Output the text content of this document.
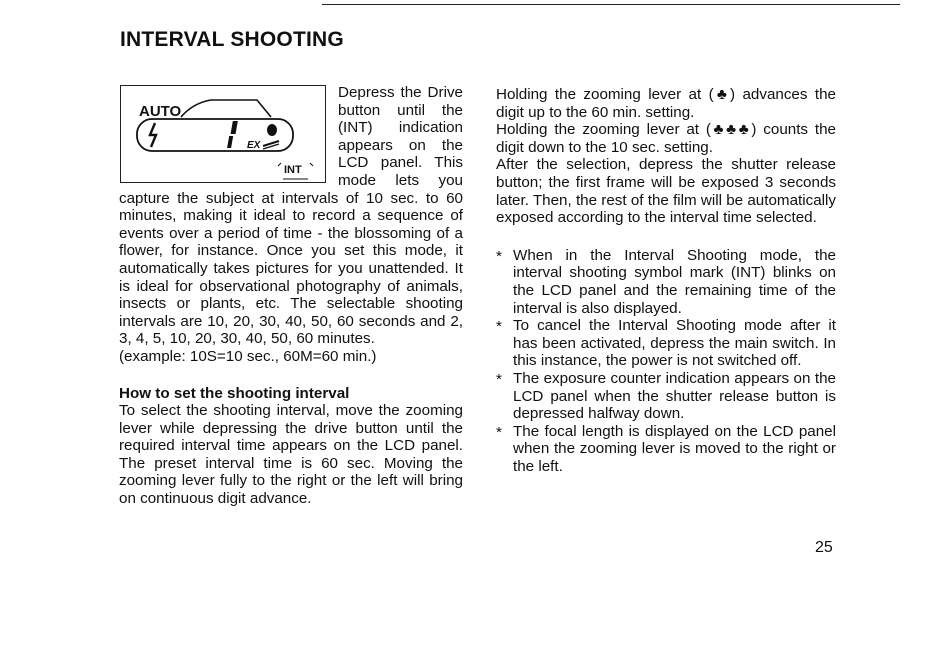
INTERVAL SHOOTING

AUTO
EX
INT
Depress the Drive button until the (INT) indication appears on the LCD panel. This mode lets you capture the subject at intervals of 10 sec. to 60 minutes, making it ideal to record a sequence of events over a period of time - the blossoming of a flower, for instance. Once you set this mode, it automatically takes pictures for you unattended. It is ideal for observational photography of animals, insects or plants, etc. The selectable shooting intervals are 10, 20, 30, 40, 50, 60 seconds and 2, 3, 4, 5, 10, 20, 30, 40, 50, 60 minutes.

(example: 10S=10 sec., 60M=60 min.)

How to set the shooting interval

To select the shooting interval, move the zooming lever while depressing the drive button until the required interval time appears on the LCD panel. The preset interval time is 60 sec. Moving the zooming lever fully to the right or the left will bring on continuous digit advance.

Holding the zooming lever at (♣) advances the digit up to the 60 min. setting.

Holding the zooming lever at (♣♣♣) counts the digit down to the 10 sec. setting.

After the selection, depress the shutter release button; the first frame will be exposed 3 seconds later. Then, the rest of the film will be automatically exposed according to the interval time selected.

* When in the Interval Shooting mode, the interval shooting symbol mark (INT) blinks on the LCD panel and the remaining time of the interval is also displayed.
* To cancel the Interval Shooting mode after it has been activated, depress the main switch. In this instance, the power is not switched off.
* The exposure counter indication appears on the LCD panel when the shutter release button is depressed halfway down.
* The focal length is displayed on the LCD panel when the zooming lever is moved to the right or the left.
25
